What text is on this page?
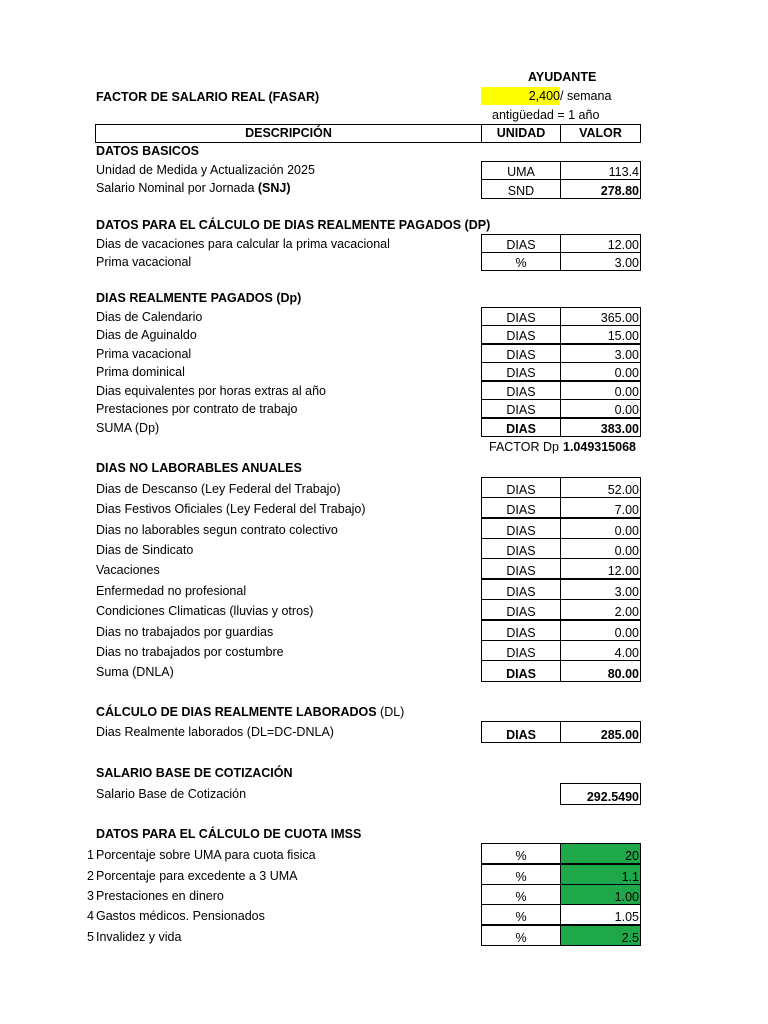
AYUDANTE
FACTOR DE SALARIO REAL (FASAR)	2,400 / semana
antigüedad = 1 año
DESCRIPCIÓN	UNIDAD	VALOR
DATOS BASICOS
Unidad de Medida y Actualización 2025	UMA	113.4
Salario Nominal por Jornada (SNJ)	SND	278.80
DATOS PARA EL CÁLCULO DE DIAS REALMENTE PAGADOS (DP)
Dias de vacaciones para calcular la prima vacacional	DIAS	12.00
Prima vacacional	%	3.00
DIAS REALMENTE PAGADOS (Dp)
Dias de Calendario	DIAS	365.00
Dias de Aguinaldo	DIAS	15.00
Prima vacacional	DIAS	3.00
Prima dominical	DIAS	0.00
Dias equivalentes por horas extras al año	DIAS	0.00
Prestaciones por contrato de trabajo	DIAS	0.00
SUMA (Dp)	DIAS	383.00
FACTOR Dp 1.049315068
DIAS NO LABORABLES ANUALES
Dias de Descanso (Ley Federal del Trabajo)	DIAS	52.00
Dias Festivos Oficiales (Ley Federal del Trabajo)	DIAS	7.00
Dias no laborables segun contrato colectivo	DIAS	0.00
Dias de Sindicato	DIAS	0.00
Vacaciones	DIAS	12.00
Enfermedad no profesional	DIAS	3.00
Condiciones Climaticas (lluvias y otros)	DIAS	2.00
Dias no trabajados por guardias	DIAS	0.00
Dias no trabajados por costumbre	DIAS	4.00
Suma (DNLA)	DIAS	80.00
CÁLCULO DE DIAS REALMENTE LABORADOS (DL)
Dias Realmente laborados (DL=DC-DNLA)	DIAS	285.00
SALARIO BASE DE COTIZACIÓN
Salario Base de Cotización	292.5490
DATOS PARA EL CÁLCULO DE CUOTA IMSS
1 Porcentaje sobre UMA para cuota fisica	%	20
2 Porcentaje para excedente a 3 UMA	%	1.1
3 Prestaciones en dinero	%	1.00
4 Gastos médicos. Pensionados	%	1.05
5 Invalidez y vida	%	2.5
